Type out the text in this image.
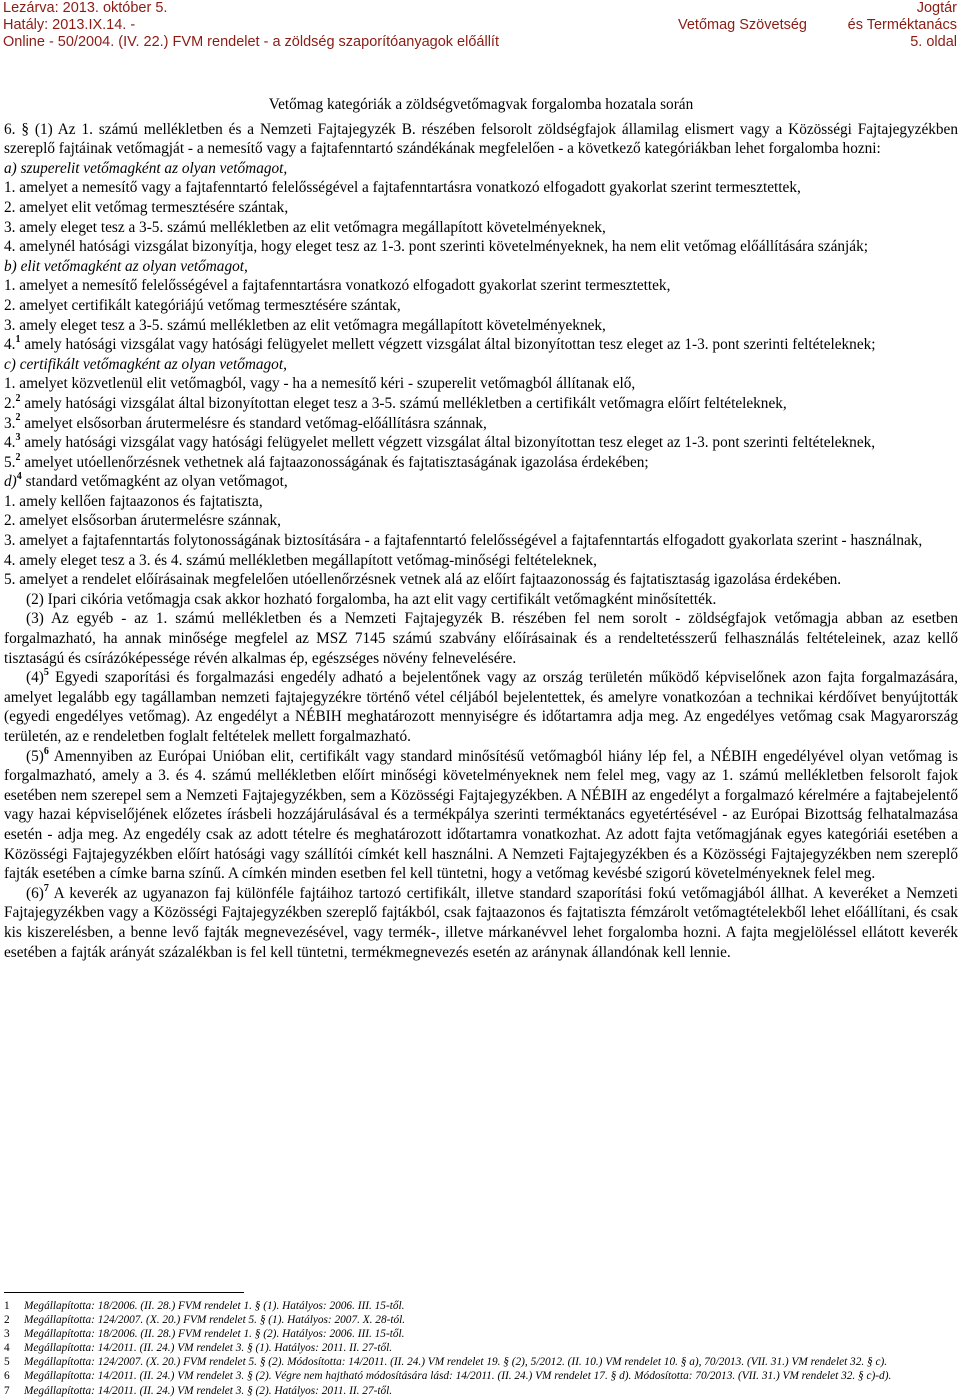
Lezárva: 2013. október 5.
Hatály: 2013.IX.14. -
Online - 50/2004. (IV. 22.) FVM rendelet - a zöldség szaporítóanyagok előállít
Vetőmag Szövetség
Jogtár
és Terméktanács
5. oldal
Vetőmag kategóriák a zöldségvetőmagvak forgalomba hozatala során

6. § (1) Az 1. számú mellékletben és a Nemzeti Fajtajegyzék B. részében felsorolt zöldségfajok államilag elismert vagy a Közösségi Fajtajegyzékben szereplő fajtáinak vetőmagját - a nemesítő vagy a fajtafenntartó szándékának megfelelően - a következő kategóriákban lehet forgalomba hozni:

a) szuperelit vetőmagként az olyan vetőmagot,

1. amelyet a nemesítő vagy a fajtafenntartó felelősségével a fajtafenntartásra vonatkozó elfogadott gyakorlat szerint termesztettek,

2. amelyet elit vetőmag termesztésére szántak,

3. amely eleget tesz a 3-5. számú mellékletben az elit vetőmagra megállapított követelményeknek,

4. amelynél hatósági vizsgálat bizonyítja, hogy eleget tesz az 1-3. pont szerinti követelményeknek, ha nem elit vetőmag előállítására szánják;

b) elit vetőmagként az olyan vetőmagot,

1. amelyet a nemesítő felelősségével a fajtafenntartásra vonatkozó elfogadott gyakorlat szerint termesztettek,

2. amelyet certifikált kategóriájú vetőmag termesztésére szántak,

3. amely eleget tesz a 3-5. számú mellékletben az elit vetőmagra megállapított követelményeknek,

4.$^1$ amely hatósági vizsgálat vagy hatósági felügyelet mellett végzett vizsgálat által bizonyítottan tesz eleget az 1-3. pont szerinti feltételeknek;

c) certifikált vetőmagként az olyan vetőmagot,

1. amelyet közvetlenül elit vetőmagból, vagy - ha a nemesítő kéri - szuperelit vetőmagból állítanak elő,

2.$^2$ amely hatósági vizsgálat által bizonyítottan eleget tesz a 3-5. számú mellékletben a certifikált vetőmagra előírt feltételeknek,

3.$^2$ amelyet elsősorban árutermelésre és standard vetőmag-előállításra szánnak,

4.$^3$ amely hatósági vizsgálat vagy hatósági felügyelet mellett végzett vizsgálat által bizonyítottan tesz eleget az 1-3. pont szerinti feltételeknek,

5.$^2$ amelyet utóellenőrzésnek vethetnek alá fajtaazonosságának és fajtatisztaságának igazolása érdekében;

d)$^4$ standard vetőmagként az olyan vetőmagot,

1. amely kellően fajtaazonos és fajtatiszta,

2. amelyet elsősorban árutermelésre szánnak,

3. amelyet a fajtafenntartás folytonosságának biztosítására - a fajtafenntartó felelősségével a fajtafenntartás elfogadott gyakorlata szerint - használnak,

4. amely eleget tesz a 3. és 4. számú mellékletben megállapított vetőmag-minőségi feltételeknek,

5. amelyet a rendelet előírásainak megfelelően utóellenőrzésnek vetnek alá az előírt fajtaazonosság és fajtatisztaság igazolása érdekében.

(2) Ipari cikória vetőmagja csak akkor hozható forgalomba, ha azt elit vagy certifikált vetőmagként minősítették.

(3) Az egyéb - az 1. számú mellékletben és a Nemzeti Fajtajegyzék B. részében fel nem sorolt - zöldségfajok vetőmagja abban az esetben forgalmazható, ha annak minősége megfelel az MSZ 7145 számú szabvány előírásainak és a rendeltetésszerű felhasználás feltételeinek, azaz kellő tisztaságú és csírázóképessége révén alkalmas ép, egészséges növény felnevelésére.

$(4)^5$ Egyedi szaporítási és forgalmazási engedély adható a bejelentőnek vagy az ország területén működő képviselőnek azon fajta forgalmazására, amelyet legalább egy tagállamban nemzeti fajtajegyzékre történő vétel céljából bejelentettek, és amelyre vonatkozóan a technikai kérdőívet benyújtották (egyedi engedélyes vetőmag). Az engedélyt a NÉBIH meghatározott mennyiségre és időtartamra adja meg. Az engedélyes vetőmag csak Magyarország területén, az e rendeletben foglalt feltételek mellett forgalmazható.

$(5)^6$ Amennyiben az Európai Unióban elit, certifikált vagy standard minősítésű vetőmagból hiány lép fel, a NÉBIH engedélyével olyan vetőmag is forgalmazható, amely a 3. és 4. számú mellékletben előírt minőségi követelményeknek nem felel meg, vagy az 1. számú mellékletben felsorolt fajok esetében nem szerepel sem a Nemzeti Fajtajegyzékben, sem a Közösségi Fajtajegyzékben. A NÉBIH az engedélyt a forgalmazó kérelmére a fajtabejelentő vagy hazai képviselőjének előzetes írásbeli hozzájárulásával és a termékpálya szerinti terméktanács egyetértésével - az Európai Bizottság felhatalmazása esetén - adja meg. Az engedély csak az adott tételre és meghatározott időtartamra vonatkozhat. Az adott fajta vetőmagjának egyes kategóriái esetében a Közösségi Fajtajegyzékben előírt hatósági vagy szállítói címkét kell használni. A Nemzeti Fajtajegyzékben és a Közösségi Fajtajegyzékben nem szereplő fajták esetében a címke barna színű. A címkén minden esetben fel kell tüntetni, hogy a vetőmag kevésbé szigorú követelményeknek felel meg.

$(6)^7$ A keverék az ugyanazon faj különféle fajtáihoz tartozó certifikált, illetve standard szaporítási fokú vetőmagjából állhat. A keveréket a Nemzeti Fajtajegyzékben vagy a Közösségi Fajtajegyzékben szereplő fajtákból, csak fajtaazonos és fajtatiszta fémzárolt vetőmagtételekből lehet előállítani, és csak kis kiszerelésben, a benne levő fajták megnevezésével, vagy termék-, illetve márkanévvel lehet forgalomba hozni. A fajta megjelöléssel ellátott keverék esetében a fajták arányát százalékban is fel kell tüntetni, termékmegnevezés esetén az aránynak állandónak kell lennie.

1 Megállapította: 18/2006. (II. 28.) FVM rendelet 1. § (1). Hatályos: 2006. III. 15-től.
2 Megállapította: 124/2007. (X. 20.) FVM rendelet 5. § (1). Hatályos: 2007. X. 28-tól.
3 Megállapította: 18/2006. (II. 28.) FVM rendelet 1. § (2). Hatályos: 2006. III. 15-től.
4 Megállapította: 14/2011. (II. 24.) VM rendelet 3. § (1). Hatályos: 2011. II. 27-től.
5 Megállapította: 124/2007. (X. 20.) FVM rendelet 5. § (2). Módosította: 14/2011. (II. 24.) VM rendelet 19. § (2), 5/2012. (II. 10.) VM rendelet 10. § a), 70/2013. (VII. 31.) VM rendelet 32. § c).
6 Megállapította: 14/2011. (II. 24.) VM rendelet 3. § (2). Végre nem hajtható módosítására lásd: 14/2011. (II. 24.) VM rendelet 17. § d). Módosította: 70/2013. (VII. 31.) VM rendelet 32. § c)-d).
7 Megállapította: 14/2011. (II. 24.) VM rendelet 3. § (2). Hatályos: 2011. II. 27-től.
